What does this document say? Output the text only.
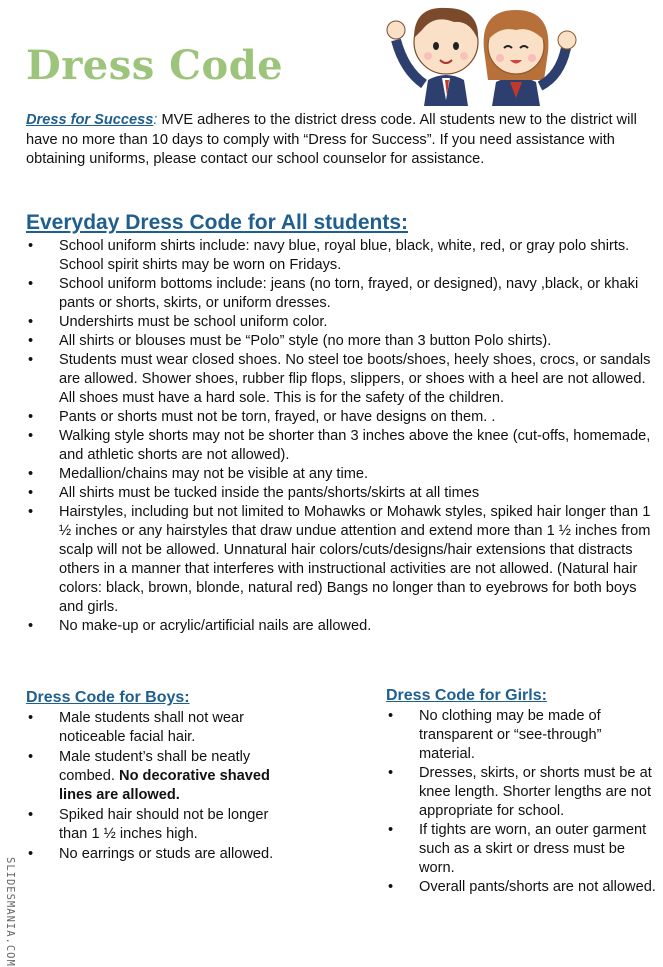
Dress Code
Dress for Success: MVE adheres to the district dress code. All students new to the district will have no more than 10 days to comply with “Dress for Success”. If you need assistance with obtaining uniforms, please contact our school counselor for assistance.
Everyday Dress Code for All students:
• School uniform shirts include: navy blue, royal blue, black, white, red, or gray polo shirts. School spirit shirts may be worn on Fridays.
• School uniform bottoms include: jeans (no torn, frayed, or designed), navy ,black, or khaki pants or shorts, skirts, or uniform dresses.
• Undershirts must be school uniform color.
• All shirts or blouses must be “Polo” style (no more than 3 button Polo shirts).
• Students must wear closed shoes. No steel toe boots/shoes, heely shoes, crocs, or sandals are allowed. Shower shoes, rubber flip flops, slippers, or shoes with a heel are not allowed. All shoes must have a hard sole. This is for the safety of the children.
• Pants or shorts must not be torn, frayed, or have designs on them. .
• Walking style shorts may not be shorter than 3 inches above the knee (cut-offs, homemade, and athletic shorts are not allowed).
• Medallion/chains may not be visible at any time.
• All shirts must be tucked inside the pants/shorts/skirts at all times
• Hairstyles, including but not limited to Mohawks or Mohawk styles, spiked hair longer than 1 ½ inches or any hairstyles that draw undue attention and extend more than 1 ½ inches from scalp will not be allowed. Unnatural hair colors/cuts/designs/hair extensions that distracts others in a manner that interferes with instructional activities are not allowed. (Natural hair colors: black, brown, blonde, natural red) Bangs no longer than to eyebrows for both boys and girls.
• No make-up or acrylic/artificial nails are allowed.
Dress Code for Boys:
• Male students shall not wear noticeable facial hair.
• Male student’s shall be neatly combed. No decorative shaved lines are allowed.
• Spiked hair should not be longer than 1 ½ inches high.
• No earrings or studs are allowed.
Dress Code for Girls:
• No clothing may be made of transparent or “see-through” material.
• Dresses, skirts, or shorts must be at knee length. Shorter lengths are not
appropriate for school.
• If tights are worn, an outer garment such as a skirt or dress must be worn.
• Overall pants/shorts are not allowed.
SLIDESMANIA.COM
